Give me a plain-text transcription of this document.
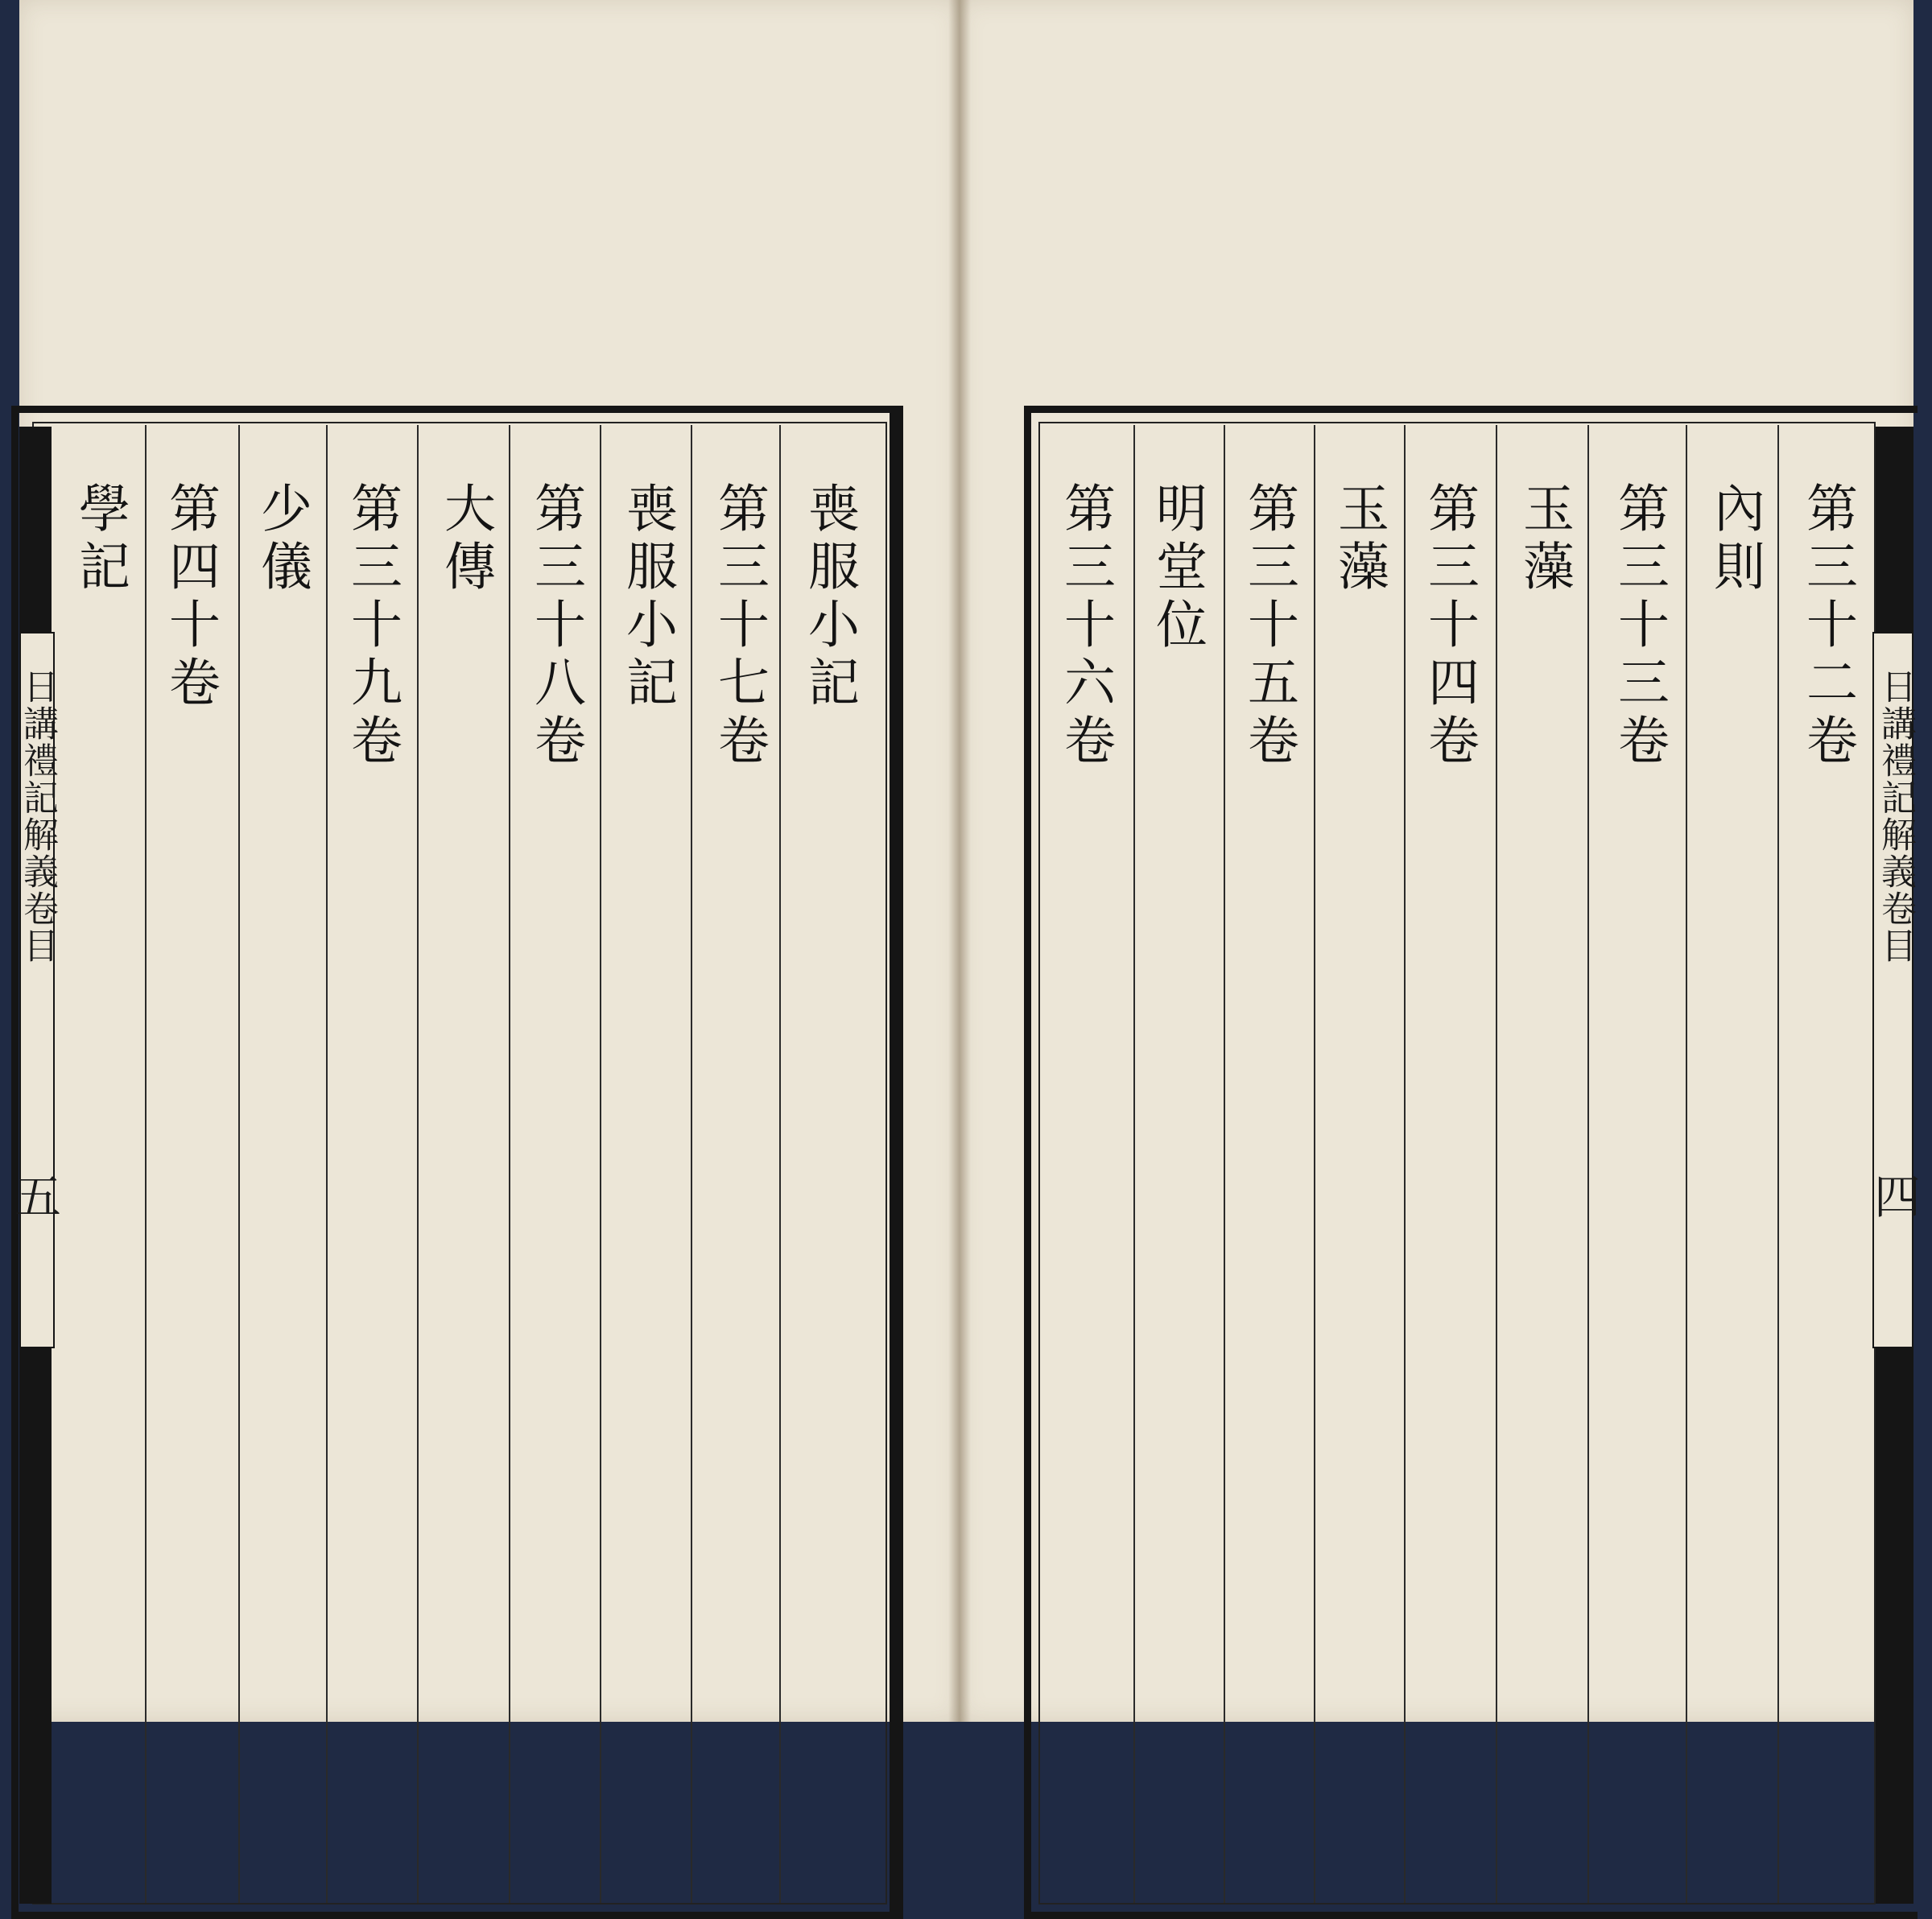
喪服小記
第三十七卷
喪服小記
第三十八卷
大傳
第三十九卷
少儀
第四十卷
學記	第三十二卷
內則
第三十三卷
玉藻
第三十四卷
玉藻
第三十五卷
明堂位
第三十六卷
日講禮記解義卷目
五
日講禮記解義卷目
四
